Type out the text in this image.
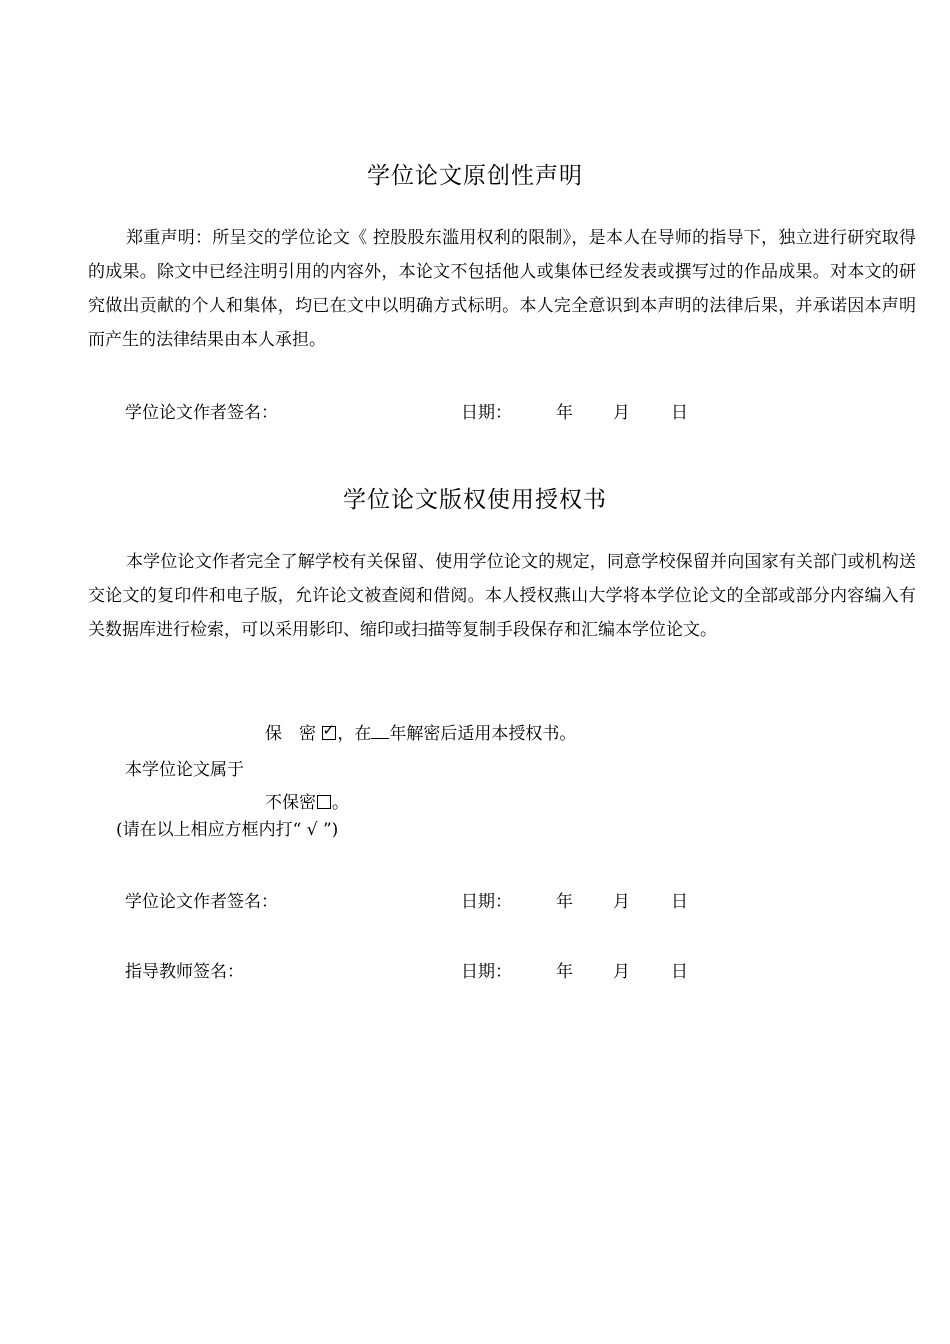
学位论文原创性声明

郑重声明：所呈交的学位论文《 控股股东滥用权利的限制》，是本人在导师的指导下，独立进行研究取得的成果。除文中已经注明引用的内容外，本论文不包括他人或集体已经发表或撰写过的作品成果。对本文的研究做出贡献的个人和集体，均已在文中以明确方式标明。本人完全意识到本声明的法律后果，并承诺因本声明而产生的法律结果由本人承担。

学位论文作者签名：	日期：	年 月 日
学位论文版权使用授权书

本学位论文作者完全了解学校有关保留、使用学位论文的规定，同意学校保留并向国家有关部门或机构送交论文的复印件和电子版，允许论文被查阅和借阅。本人授权燕山大学将本学位论文的全部或部分内容编入有关数据库进行检索，可以采用影印、缩印或扫描等复制手段保存和汇编本学位论文。

保　密 ✓ ，在 年解密后适用本授权书。
本学位论文属于
不保密 。
(请在以上相应方框内打“ √ ”)
学位论文作者签名：	日期：	年 月 日
指导教师签名：	日期：	年 月 日
